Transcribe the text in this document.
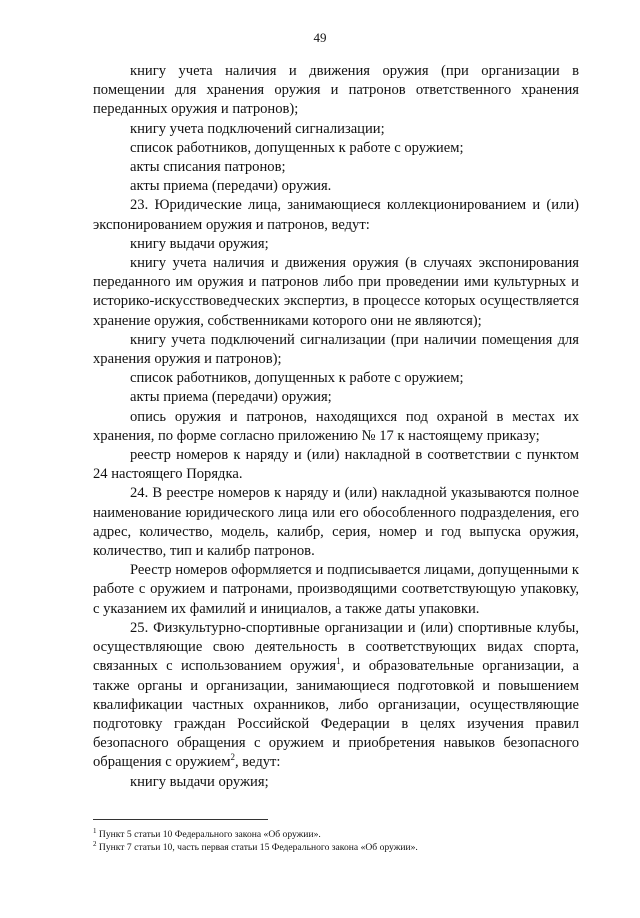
49

книгу учета наличия и движения оружия (при организации в помещении для хранения оружия и патронов ответственного хранения переданных оружия и патронов);

книгу учета подключений сигнализации;

список работников, допущенных к работе с оружием;

акты списания патронов;

акты приема (передачи) оружия.

23. Юридические лица, занимающиеся коллекционированием и (или) экспонированием оружия и патронов, ведут:

книгу выдачи оружия;

книгу учета наличия и движения оружия (в случаях экспонирования переданного им оружия и патронов либо при проведении ими культурных и историко-искусствоведческих экспертиз, в процессе которых осуществляется хранение оружия, собственниками которого они не являются);

книгу учета подключений сигнализации (при наличии помещения для хранения оружия и патронов);

список работников, допущенных к работе с оружием;

акты приема (передачи) оружия;

опись оружия и патронов, находящихся под охраной в местах их хранения, по форме согласно приложению № 17 к настоящему приказу;

реестр номеров к наряду и (или) накладной в соответствии с пунктом 24 настоящего Порядка.

24. В реестре номеров к наряду и (или) накладной указываются полное наименование юридического лица или его обособленного подразделения, его адрес, количество, модель, калибр, серия, номер и год выпуска оружия, количество, тип и калибр патронов.

Реестр номеров оформляется и подписывается лицами, допущенными к работе с оружием и патронами, производящими соответствующую упаковку, с указанием их фамилий и инициалов, а также даты упаковки.

25. Физкультурно-спортивные организации и (или) спортивные клубы, осуществляющие свою деятельность в соответствующих видах спорта, связанных с использованием оружия$^1$, и образовательные организации, а также органы и организации, занимающиеся подготовкой и повышением квалификации частных охранников, либо организации, осуществляющие подготовку граждан Российской Федерации в целях изучения правил безопасного обращения с оружием и приобретения навыков безопасного обращения с оружием$^2$, ведут:

книгу выдачи оружия;

$^1$ Пункт 5 статьи 10 Федерального закона «Об оружии».

$^2$ Пункт 7 статьи 10, часть первая статьи 15 Федерального закона «Об оружии».
